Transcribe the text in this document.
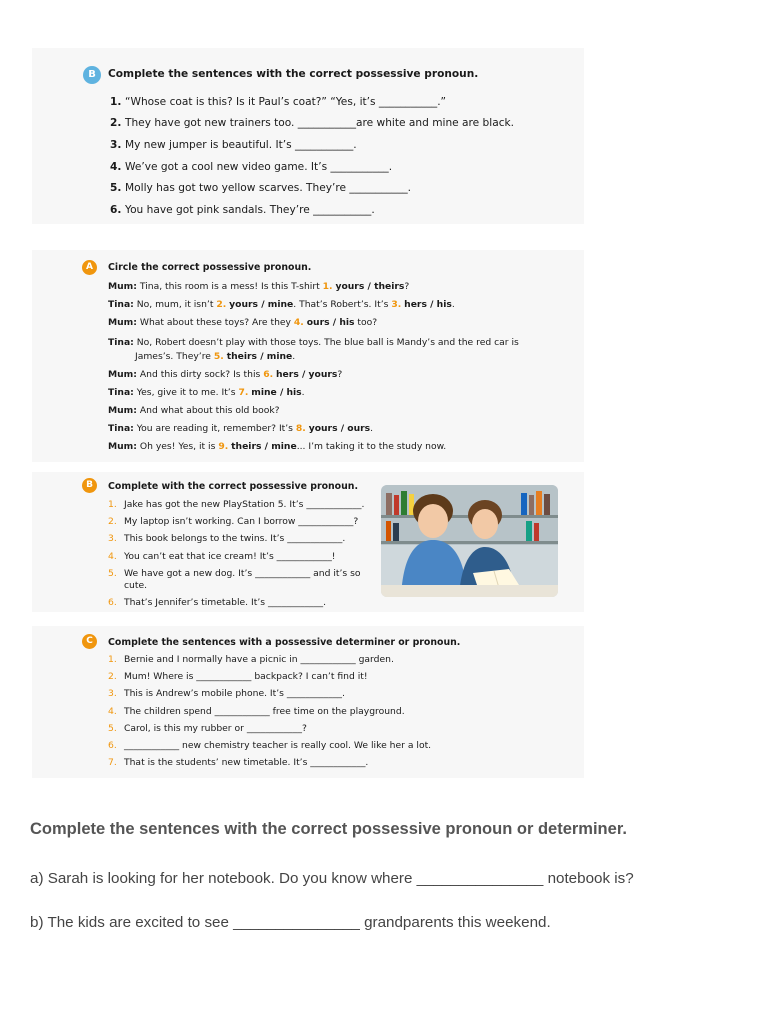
B	Complete the sentences with the correct possessive pronoun.
1. “Whose coat is this? Is it Paul’s coat?” “Yes, it’s ___________.”
2. They have got new trainers too. ___________are white and mine are black.
3. My new jumper is beautiful. It’s ___________.
4. We’ve got a cool new video game. It’s ___________.
5. Molly has got two yellow scarves. They’re ___________.
6. You have got pink sandals. They’re ___________.
A	Circle the correct possessive pronoun.
Mum: Tina, this room is a mess! Is this T-shirt 1. yours / theirs?
Tina: No, mum, it isn’t 2. yours / mine. That’s Robert’s. It’s 3. hers / his.
Mum: What about these toys? Are they 4. ours / his too?
Tina: No, Robert doesn’t play with those toys. The blue ball is Mandy’s and the red car is James’s. They’re 5. theirs / mine.
Mum: And this dirty sock? Is this 6. hers / yours?
Tina: Yes, give it to me. It’s 7. mine / his.
Mum: And what about this old book?
Tina: You are reading it, remember? It’s 8. yours / ours.
Mum: Oh yes! Yes, it is 9. theirs / mine... I’m taking it to the study now.
B	Complete with the correct possessive pronoun.
1. Jake has got the new PlayStation 5. It’s ____________.
2. My laptop isn’t working. Can I borrow ____________?
3. This book belongs to the twins. It’s ____________.
4. You can’t eat that ice cream! It’s ____________!
5. We have got a new dog. It’s ____________ and it’s so cute.
6. That’s Jennifer’s timetable. It’s ____________.
C	Complete the sentences with a possessive determiner or pronoun.
1. Bernie and I normally have a picnic in ____________ garden.
2. Mum! Where is ____________ backpack? I can’t find it!
3. This is Andrew’s mobile phone. It’s ____________.
4. The children spend ____________ free time on the playground.
5. Carol, is this my rubber or ____________?
6. ____________ new chemistry teacher is really cool. We like her a lot.
7. That is the students’ new timetable. It’s ____________.
Complete the sentences with the correct possessive pronoun or determiner.
a) Sarah is looking for her notebook. Do you know where _______________ notebook is?
b) The kids are excited to see _______________ grandparents this weekend.
